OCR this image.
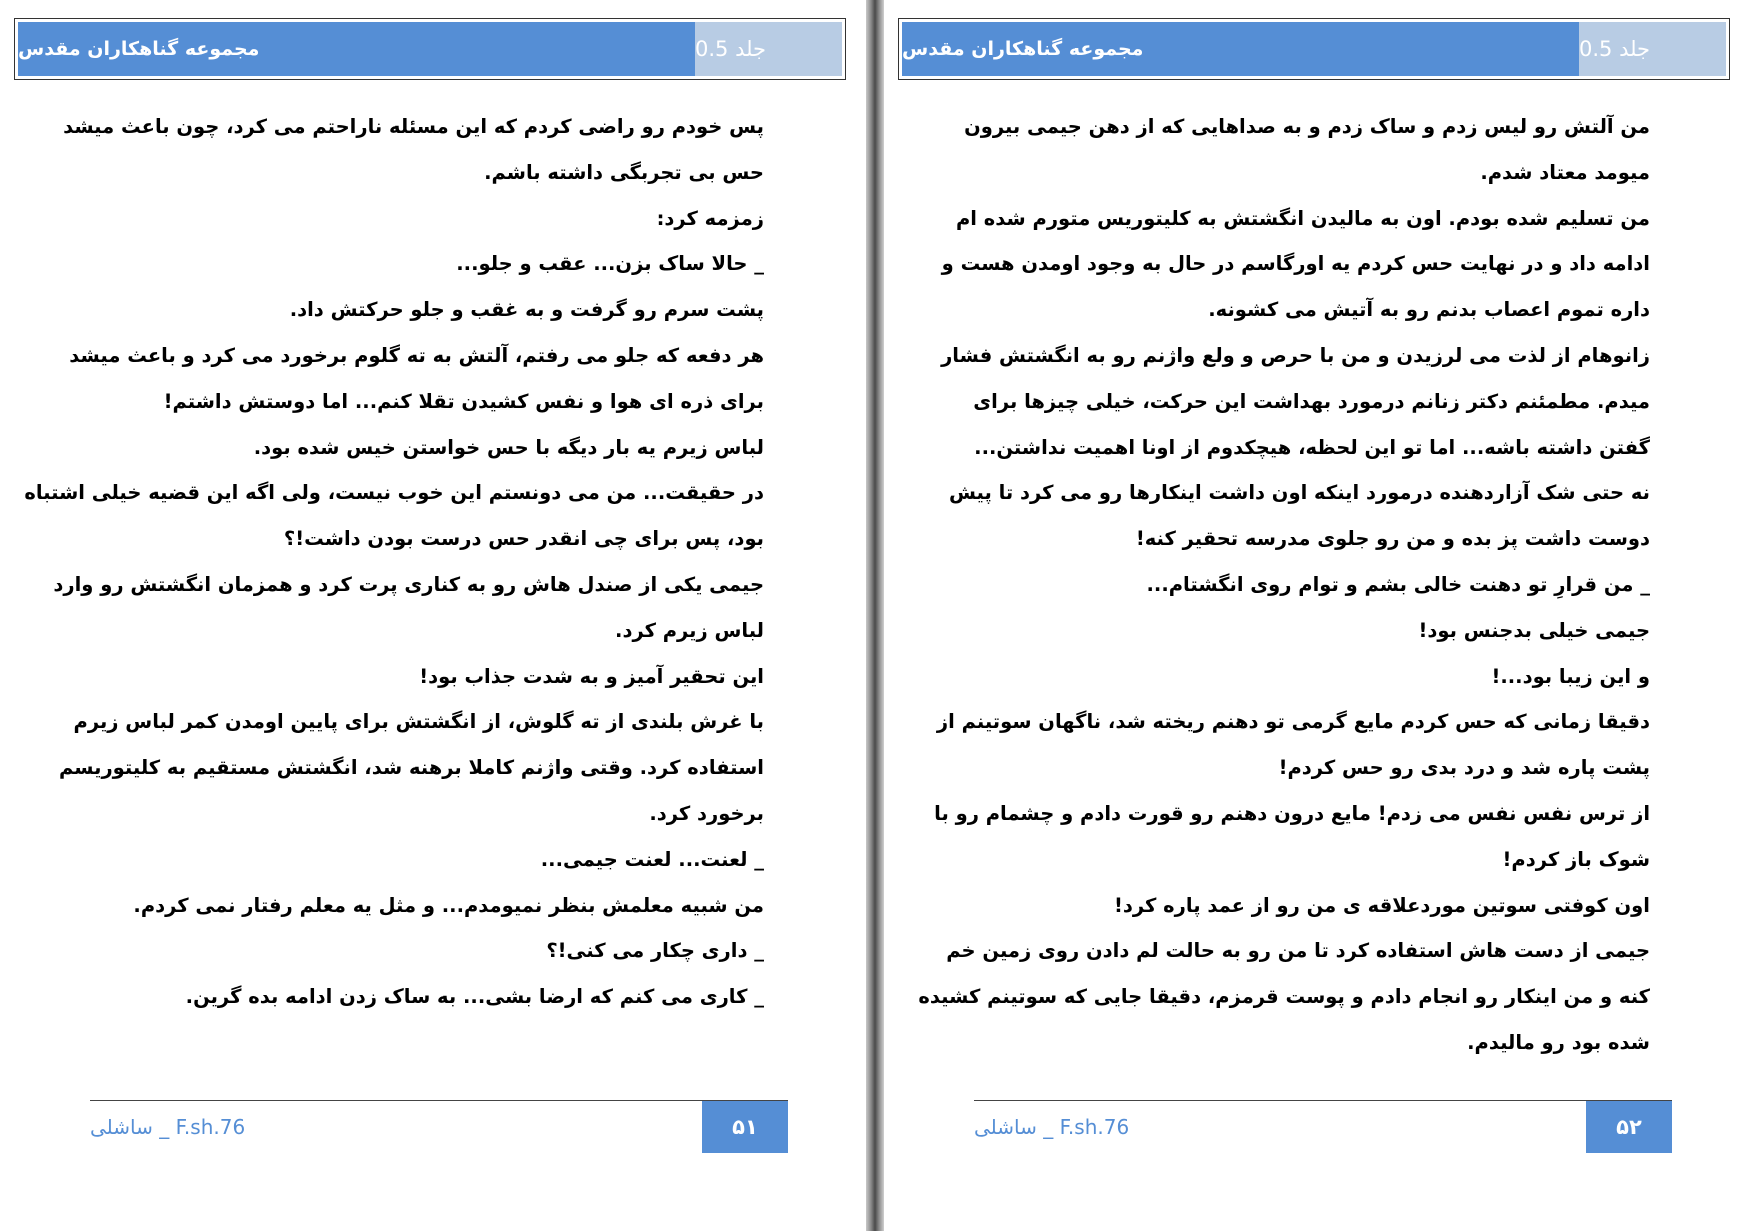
مجموعه گناهکاران مقدس	جلد 0.5
پس خودم رو راضی کردم که این مسئله ناراحتم می کرد، چون باعث میشد
حس بی تجربگی داشته باشم.
زمزمه کرد:
_ حالا ساک بزن... عقب و جلو...
پشت سرم رو گرفت و به غقب و جلو حرکتش داد.
هر دفعه که جلو می رفتم، آلتش به ته گلوم برخورد می کرد و باعث میشد
برای ذره ای هوا و نفس کشیدن تقلا کنم... اما دوستش داشتم!
لباس زیرم یه بار دیگه با حس خواستن خیس شده بود.
در حقیقت... من می دونستم این خوب نیست، ولی اگه این قضیه خیلی اشتباه
بود، پس برای چی انقدر حس درست بودن داشت!؟
جیمی یکی از صندل هاش رو به کناری پرت کرد و همزمان انگشتش رو وارد
لباس زیرم کرد.
این تحقیر آمیز و به شدت جذاب بود!
با غرش بلندی از ته گلوش، از انگشتش برای پایین اومدن کمر لباس زیرم
استفاده کرد. وقتی واژنم کاملا برهنه شد، انگشتش مستقیم به کلیتوریسم
برخورد کرد.
_ لعنت... لعنت جیمی...
من شبیه معلمش بنظر نمیومدم... و مثل یه معلم رفتار نمی کردم.
_ داری چکار می کنی!؟
_ کاری می کنم که ارضا بشی... به ساک زدن ادامه بده گرین.
F.sh.76 _ ساشلی	۵۱
مجموعه گناهکاران مقدس	جلد 0.5
من آلتش رو لیس زدم و ساک زدم و به صداهایی که از دهن جیمی بیرون
میومد معتاد شدم.
من تسلیم شده بودم. اون به مالیدن انگشتش به کلیتوریس متورم شده ام
ادامه داد و در نهایت حس کردم یه اورگاسم در حال به وجود اومدن هست و
داره تموم اعصاب بدنم رو به آتیش می کشونه.
زانوهام از لذت می لرزیدن و من با حرص و ولع واژنم رو به انگشتش فشار
میدم. مطمئنم دکتر زنانم درمورد بهداشت این حرکت، خیلی چیزها برای
گفتن داشته باشه... اما تو این لحظه، هیچکدوم از اونا اهمیت نداشتن...
نه حتی شک آزاردهنده درمورد اینکه اون داشت اینکارها رو می کرد تا پیش
دوست داشت پز بده و من رو جلوی مدرسه تحقیر کنه!
_ من قرارِ تو دهنت خالی بشم و توام روی انگشتام...
جیمی خیلی بدجنس بود!
و این زیبا بود...!
دقیقا زمانی که حس کردم مایع گرمی تو دهنم ریخته شد، ناگهان سوتینم از
پشت پاره شد و درد بدی رو حس کردم!
از ترس نفس نفس می زدم! مایع درون دهنم رو قورت دادم و چشمام رو با
شوک باز کردم!
اون کوفتی سوتین موردعلاقه ی من رو از عمد پاره کرد!
جیمی از دست هاش استفاده کرد تا من رو به حالت لم دادن روی زمین خم
کنه و من اینکار رو انجام دادم و پوست قرمزم، دقیقا جایی که سوتینم کشیده
شده بود رو مالیدم.
F.sh.76 _ ساشلی	۵۲
